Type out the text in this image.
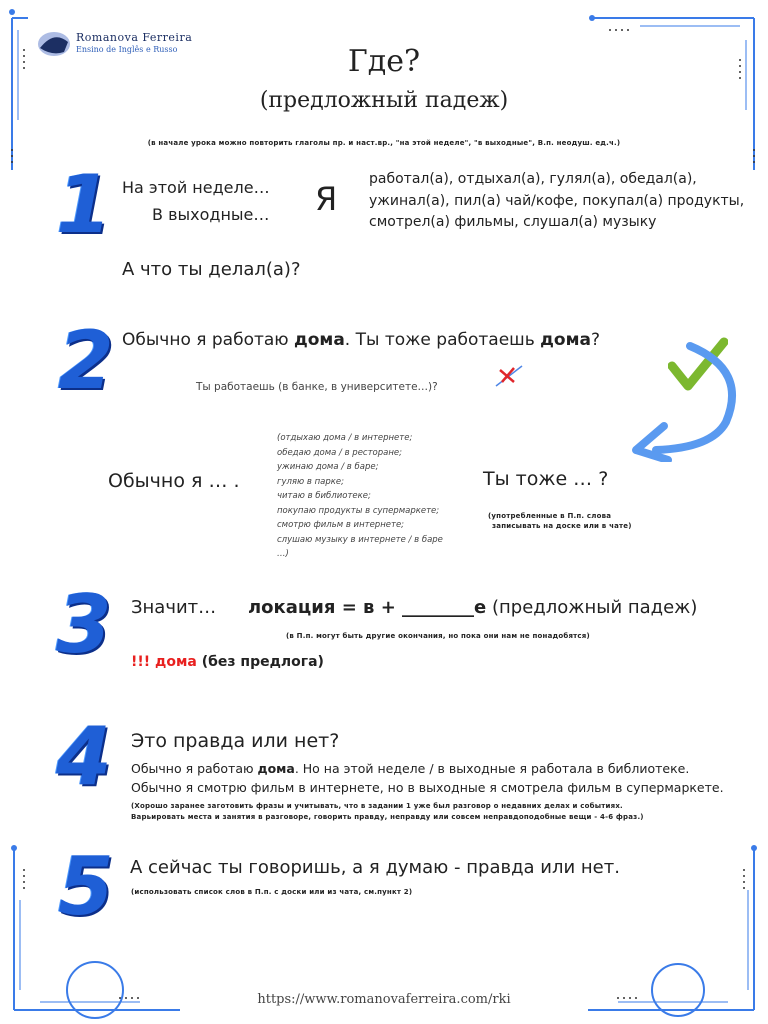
Romanova Ferreira
Ensino de Inglês e Russo	Где?
(предложный падеж)
(в начале урока можно повторить глаголы пр. и наст.вр., "на этой неделе", "в выходные", В.п. неодуш. ед.ч.)
1 На этой неделе…
В выходные… Я
работал(а), отдыхал(а), гулял(а), обедал(а),
ужинал(а), пил(а) чай/кофе, покупал(а) продукты,
смотрел(а) фильмы, слушал(а) музыку
А что ты делал(а)?
2 Обычно я работаю дома. Ты тоже работаешь дома?
Ты работаешь (в банке, в университете…)?
Обычно я … .
(отдыхаю дома / в интернете;
обедаю дома / в ресторане;
ужинаю дома / в баре;
гуляю в парке;
читаю в библиотеке;
покупаю продукты в супермаркете;
смотрю фильм в интернете;
слушаю музыку в интернете / в баре
…)
Ты тоже … ?
(употребленные в П.п. слова
записывать на доске или в чате)
3 Значит… локация = в + ________е (предложный падеж)
(в П.п. могут быть другие окончания, но пока они нам не понадобятся)
!!! дома (без предлога)
4 Это правда или нет?
Обычно я работаю дома. Но на этой неделе / в выходные я работала в библиотеке.
Обычно я смотрю фильм в интернете, но в выходные я смотрела фильм в супермаркете.
(Хорошо заранее заготовить фразы и учитывать, что в задании 1 уже был разговор о недавних делах и событиях.
Варьировать места и занятия в разговоре, говорить правду, неправду или совсем неправдоподобные вещи - 4-6 фраз.)
5 А сейчас ты говоришь, а я думаю - правда или нет.
(использовать список слов в П.п. с доски или из чата, см.пункт 2)
https://www.romanovaferreira.com/rki
